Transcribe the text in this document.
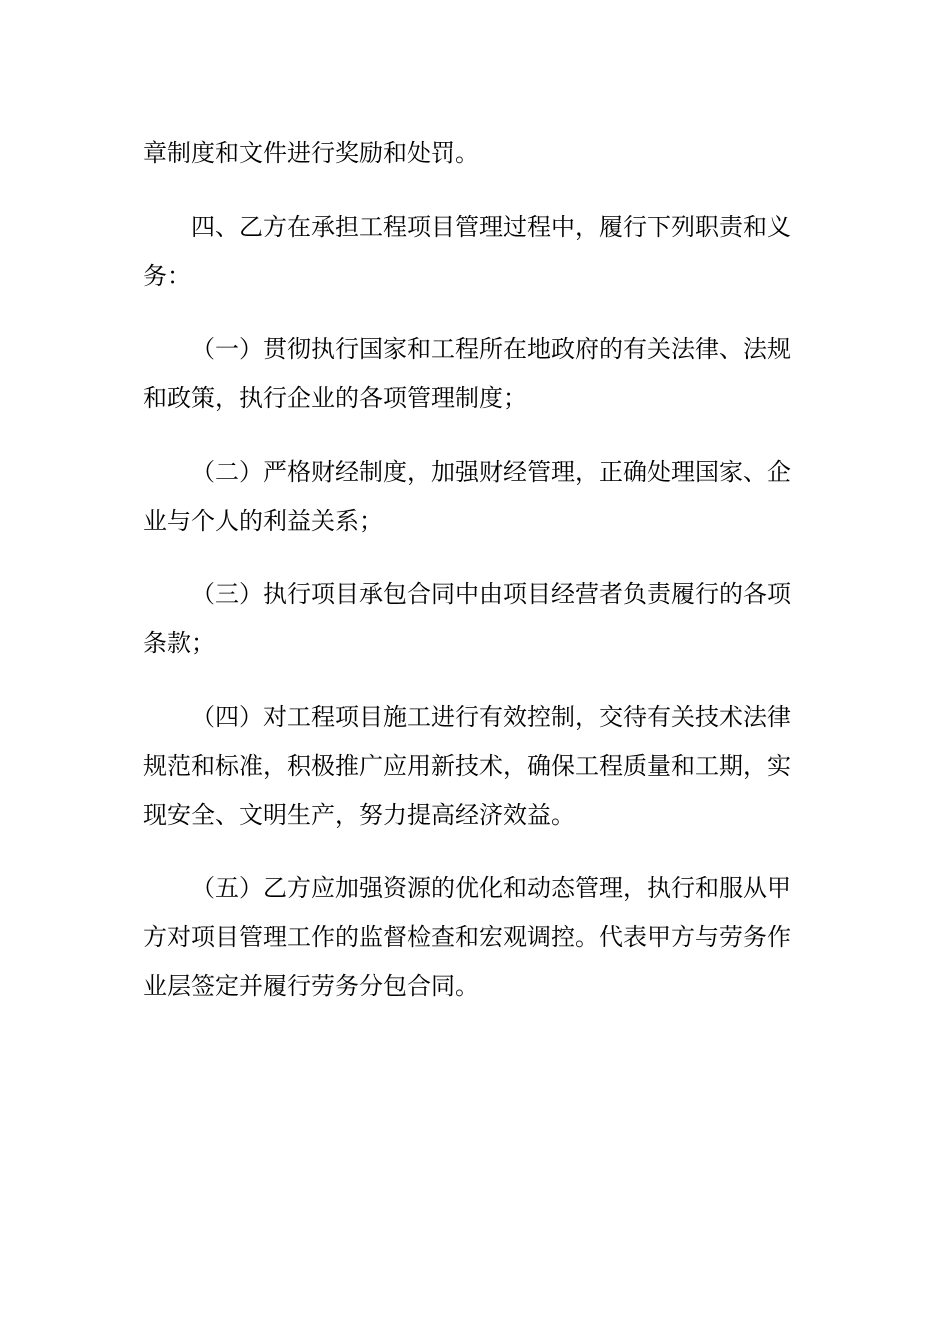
章制度和文件进行奖励和处罚。
四、乙方在承担工程项目管理过程中，履行下列职责和义
务：
（一）贯彻执行国家和工程所在地政府的有关法律、法规
和政策，执行企业的各项管理制度；
（二）严格财经制度，加强财经管理，正确处理国家、企
业与个人的利益关系；
（三）执行项目承包合同中由项目经营者负责履行的各项
条款；
（四）对工程项目施工进行有效控制，交待有关技术法律
规范和标准，积极推广应用新技术，确保工程质量和工期，实
现安全、文明生产，努力提高经济效益。
（五）乙方应加强资源的优化和动态管理，执行和服从甲
方对项目管理工作的监督检查和宏观调控。代表甲方与劳务作
业层签定并履行劳务分包合同。
